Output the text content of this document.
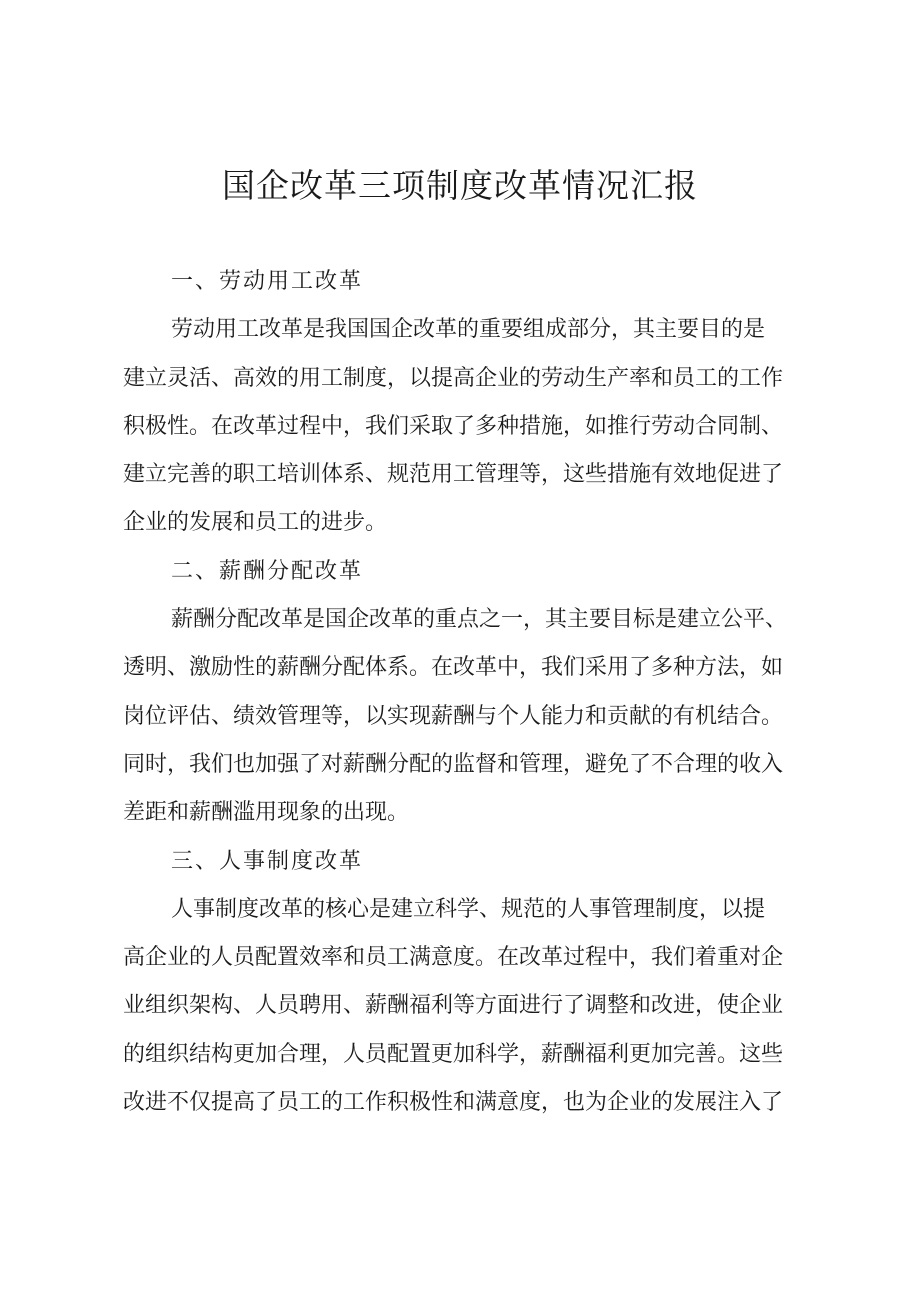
国企改革三项制度改革情况汇报
一、劳动用工改革
劳动用工改革是我国国企改革的重要组成部分，其主要目的是
建立灵活、高效的用工制度，以提高企业的劳动生产率和员工的工作
积极性。在改革过程中，我们采取了多种措施，如推行劳动合同制、
建立完善的职工培训体系、规范用工管理等，这些措施有效地促进了
企业的发展和员工的进步。
二、薪酬分配改革
薪酬分配改革是国企改革的重点之一，其主要目标是建立公平、
透明、激励性的薪酬分配体系。在改革中，我们采用了多种方法，如
岗位评估、绩效管理等，以实现薪酬与个人能力和贡献的有机结合。
同时，我们也加强了对薪酬分配的监督和管理，避免了不合理的收入
差距和薪酬滥用现象的出现。
三、人事制度改革
人事制度改革的核心是建立科学、规范的人事管理制度，以提
高企业的人员配置效率和员工满意度。在改革过程中，我们着重对企
业组织架构、人员聘用、薪酬福利等方面进行了调整和改进，使企业
的组织结构更加合理，人员配置更加科学，薪酬福利更加完善。这些
改进不仅提高了员工的工作积极性和满意度，也为企业的发展注入了
